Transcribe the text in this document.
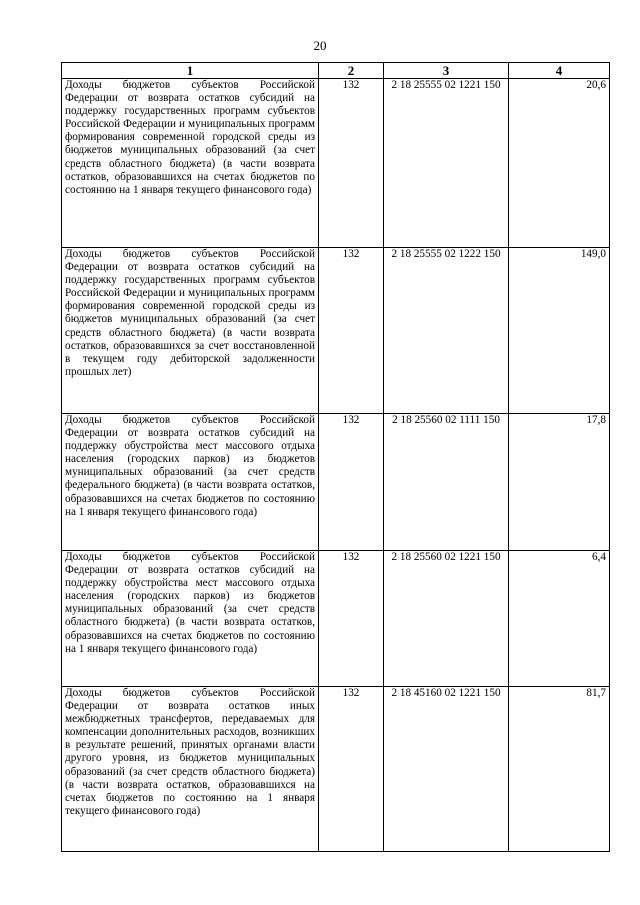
20
1	2	3	4
Доходы бюджетов субъектов Российской Федерации от возврата остатков субсидий на поддержку государственных программ субъектов Российской Федерации и муниципальных программ формирования современной городской среды из бюджетов муниципальных образований (за счет средств областного бюджета) (в части возврата остатков, образовавшихся на счетах бюджетов по состоянию на 1 января текущего финансового года)	132	2 18 25555 02 1221 150	20,6
Доходы бюджетов субъектов Российской Федерации от возврата остатков субсидий на поддержку государственных программ субъектов Российской Федерации и муниципальных программ формирования современной городской среды из бюджетов муниципальных образований (за счет средств областного бюджета) (в части возврата остатков, образовавшихся за счет восстановленной в текущем году дебиторской задолженности прошлых лет)	132	2 18 25555 02 1222 150	149,0
Доходы бюджетов субъектов Российской Федерации от возврата остатков субсидий на поддержку обустройства мест массового отдыха населения (городских парков) из бюджетов муниципальных образований (за счет средств федерального бюджета) (в части возврата остатков, образовавшихся на счетах бюджетов по состоянию на 1 января текущего финансового года)	132	2 18 25560 02 1111 150	17,8
Доходы бюджетов субъектов Российской Федерации от возврата остатков субсидий на поддержку обустройства мест массового отдыха населения (городских парков) из бюджетов муниципальных образований (за счет средств областного бюджета) (в части возврата остатков, образовавшихся на счетах бюджетов по состоянию на 1 января текущего финансового года)	132	2 18 25560 02 1221 150	6,4
Доходы бюджетов субъектов Российской Федерации от возврата остатков иных межбюджетных трансфертов, передаваемых для компенсации дополнительных расходов, возникших в результате решений, принятых органами власти другого уровня, из бюджетов муниципальных образований (за счет средств областного бюджета) (в части возврата остатков, образовавшихся на счетах бюджетов по состоянию на 1 января текущего финансового года)	132	2 18 45160 02 1221 150	81,7
